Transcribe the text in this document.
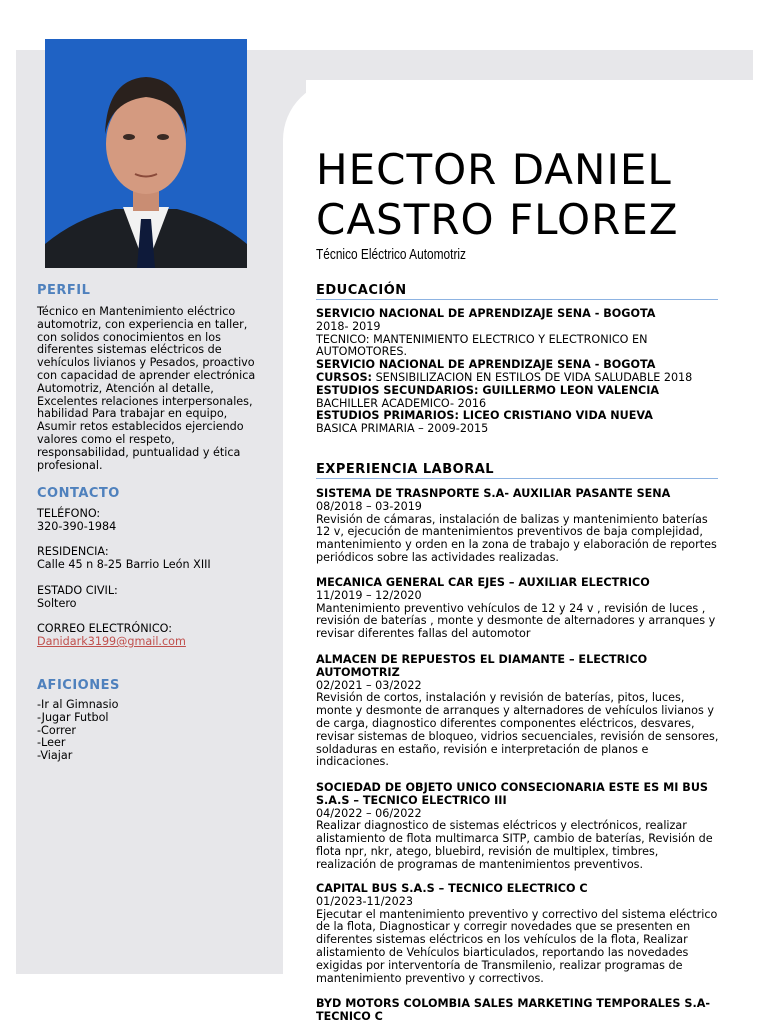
PERFIL
Técnico en Mantenimiento eléctrico automotriz, con experiencia en taller, con solidos conocimientos en los diferentes sistemas eléctricos de vehículos livianos y Pesados, proactivo con capacidad de aprender electrónica Automotriz, Atención al detalle, Excelentes relaciones interpersonales, habilidad Para trabajar en equipo, Asumir retos establecidos ejerciendo valores como el respeto, responsabilidad, puntualidad y ética profesional.
CONTACTO

TELÉFONO:

320-390-1984

RESIDENCIA:

Calle 45 n 8-25 Barrio León XIII

ESTADO CIVIL:

Soltero

CORREO ELECTRÓNICO:

Danidark3199@gmail.com

AFICIONES

-Ir al Gimnasio

-Jugar Futbol

-Correr

-Leer

-Viajar

HECTOR DANIEL CASTRO FLOREZ
Técnico Eléctrico Automotriz
EDUCACIÓN

SERVICIO NACIONAL DE APRENDIZAJE SENA - BOGOTA

2018- 2019

TECNICO: MANTENIMIENTO ELECTRICO Y ELECTRONICO EN AUTOMOTORES.

SERVICIO NACIONAL DE APRENDIZAJE SENA - BOGOTA

CURSOS: SENSIBILIZACION EN ESTILOS DE VIDA SALUDABLE 2018

ESTUDIOS SECUNDARIOS: GUILLERMO LEON VALENCIA

BACHILLER ACADEMICO- 2016

ESTUDIOS PRIMARIOS: LICEO CRISTIANO VIDA NUEVA

BASICA PRIMARIA – 2009-2015

EXPERIENCIA LABORAL

SISTEMA DE TRASNPORTE S.A- AUXILIAR PASANTE SENA

08/2018 – 03-2019

Revisión de cámaras, instalación de balizas y mantenimiento baterías 12 v, ejecución de mantenimientos preventivos de baja complejidad, mantenimiento y orden en la zona de trabajo y elaboración de reportes periódicos sobre las actividades realizadas.

MECANICA GENERAL CAR EJES – AUXILIAR ELECTRICO

11/2019 – 12/2020

Mantenimiento preventivo vehículos de 12 y 24 v , revisión de luces , revisión de baterías , monte y desmonte de alternadores y arranques y revisar diferentes fallas del automotor

ALMACEN DE REPUESTOS EL DIAMANTE – ELECTRICO AUTOMOTRIZ

02/2021 – 03/2022

Revisión de cortos, instalación y revisión de baterías, pitos, luces, monte y desmonte de arranques y alternadores de vehículos livianos y de carga, diagnostico diferentes componentes eléctricos, desvares, revisar sistemas de bloqueo, vidrios secuenciales, revisión de sensores, soldaduras en estaño, revisión e interpretación de planos e indicaciones.

SOCIEDAD DE OBJETO UNICO CONSECIONARIA ESTE ES MI BUS S.A.S – TECNICO ELECTRICO III

04/2022 – 06/2022

Realizar diagnostico de sistemas eléctricos y electrónicos, realizar alistamiento de flota multimarca SITP, cambio de baterías, Revisión de flota npr, nkr, atego, bluebird, revisión de multiplex, timbres, realización de programas de mantenimientos preventivos.

CAPITAL BUS S.A.S – TECNICO ELECTRICO C

01/2023-11/2023

Ejecutar el mantenimiento preventivo y correctivo del sistema eléctrico de la flota, Diagnosticar y corregir novedades que se presenten en diferentes sistemas eléctricos en los vehículos de la flota, Realizar alistamiento de Vehículos biarticulados, reportando las novedades exigidas por interventoría de Transmilenio, realizar programas de mantenimiento preventivo y correctivos.

BYD MOTORS COLOMBIA SALES MARKETING TEMPORALES S.A- TECNICO C
